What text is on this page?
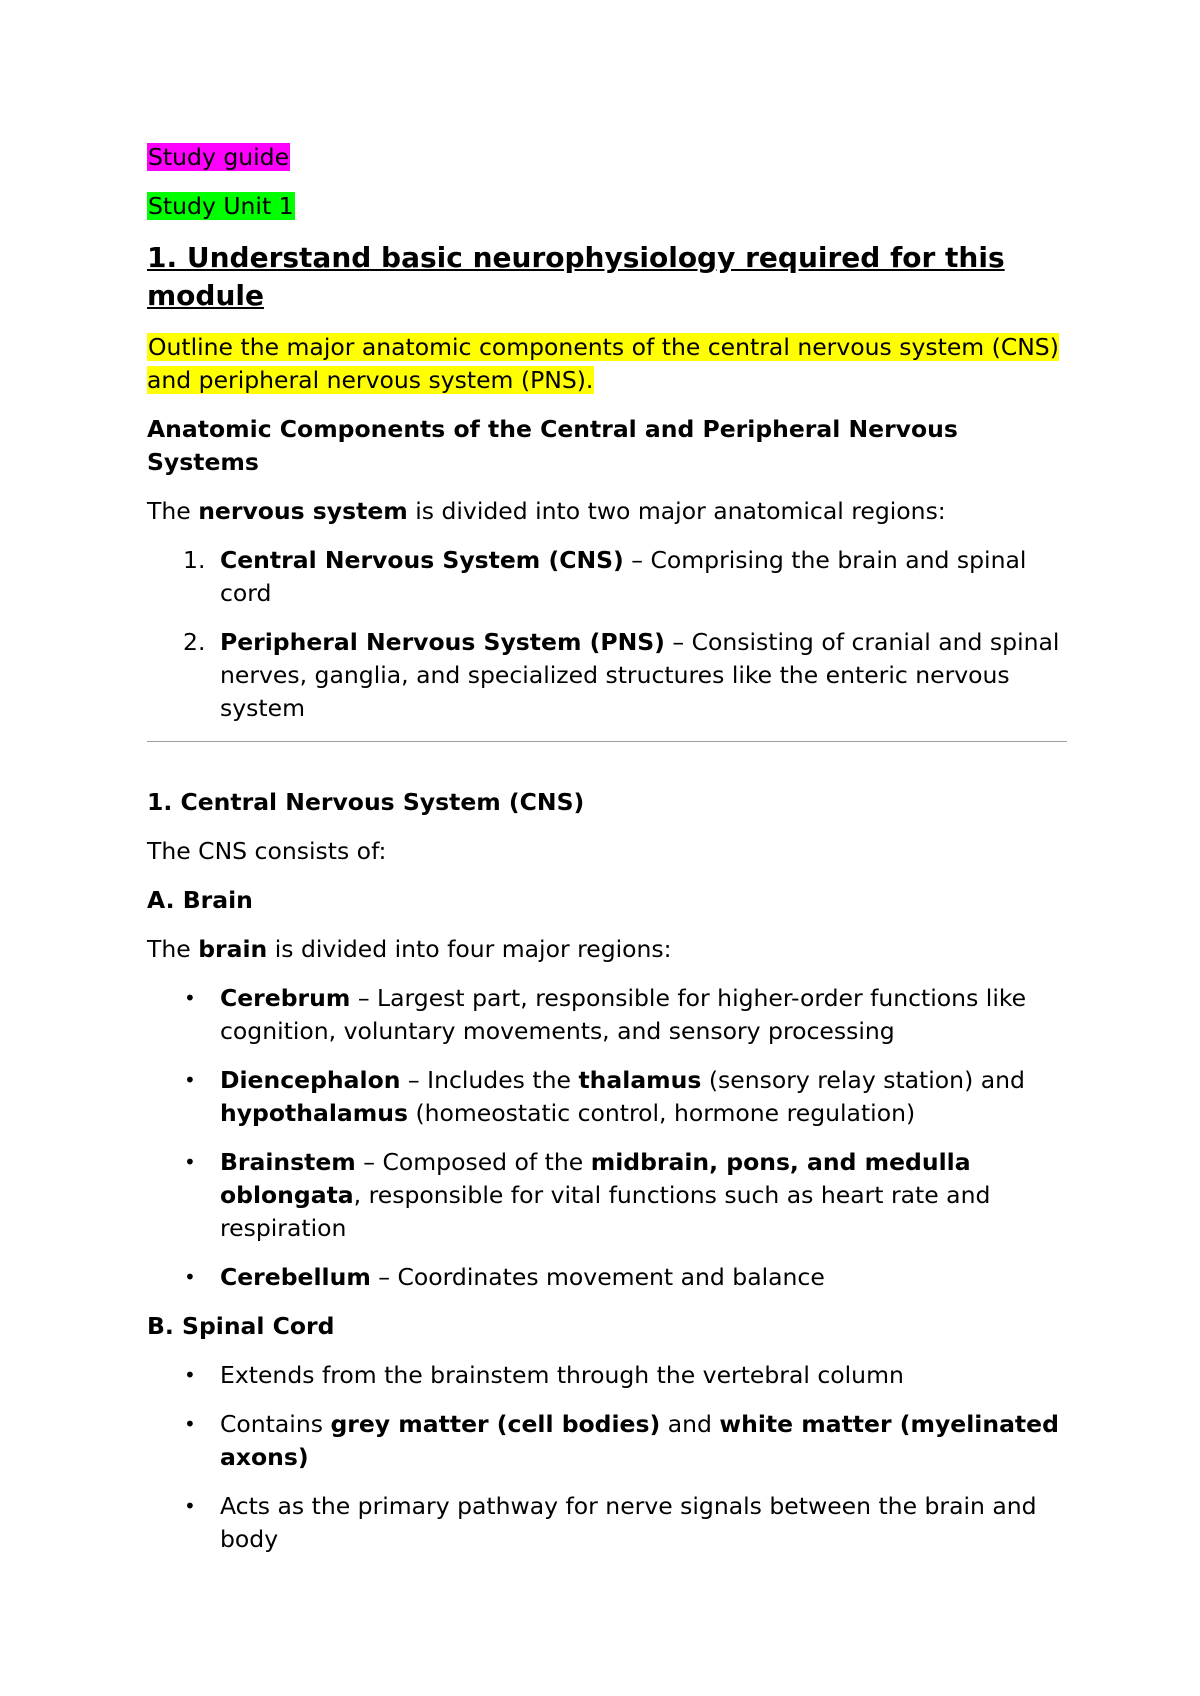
Study guide

Study Unit 1

1. Understand basic neurophysiology required for this module

Outline the major anatomic components of the central nervous system (CNS) and peripheral nervous system (PNS).

Anatomic Components of the Central and Peripheral Nervous Systems

The nervous system is divided into two major anatomical regions:

1. Central Nervous System (CNS) – Comprising the brain and spinal cord
2. Peripheral Nervous System (PNS) – Consisting of cranial and spinal nerves, ganglia, and specialized structures like the enteric nervous system

1. Central Nervous System (CNS)

The CNS consists of:

A. Brain

The brain is divided into four major regions:

• Cerebrum – Largest part, responsible for higher-order functions like cognition, voluntary movements, and sensory processing
• Diencephalon – Includes the thalamus (sensory relay station) and hypothalamus (homeostatic control, hormone regulation)
• Brainstem – Composed of the midbrain, pons, and medulla oblongata, responsible for vital functions such as heart rate and respiration
• Cerebellum – Coordinates movement and balance

B. Spinal Cord

• Extends from the brainstem through the vertebral column
• Contains grey matter (cell bodies) and white matter (myelinated axons)
• Acts as the primary pathway for nerve signals between the brain and body
